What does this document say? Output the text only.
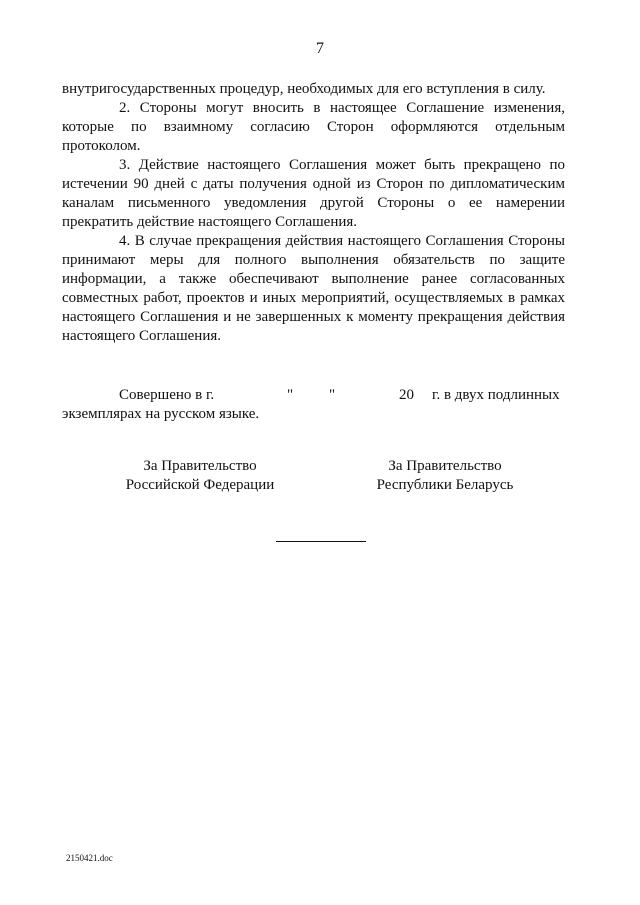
7

внутригосударственных процедур, необходимых для его вступления в силу.

2. Стороны могут вносить в настоящее Соглашение изменения, которые по взаимному согласию Сторон оформляются отдельным протоколом.

3. Действие настоящего Соглашения может быть прекращено по истечении 90 дней с даты получения одной из Сторон по дипломатическим каналам письменного уведомления другой Стороны о ее намерении прекратить действие настоящего Соглашения.

4. В случае прекращения действия настоящего Соглашения Стороны принимают меры для полного выполнения обязательств по защите информации, а также обеспечивают выполнение ранее согласованных совместных работ, проектов и иных мероприятий, осуществляемых в рамках настоящего Соглашения и не завершенных к моменту прекращения действия настоящего Соглашения.

Совершено в г.	" "	20 г. в двух подлинных
экземплярах на русском языке.
За Правительство
Российской Федерации
За Правительство
Республики Беларусь
2150421.doc
